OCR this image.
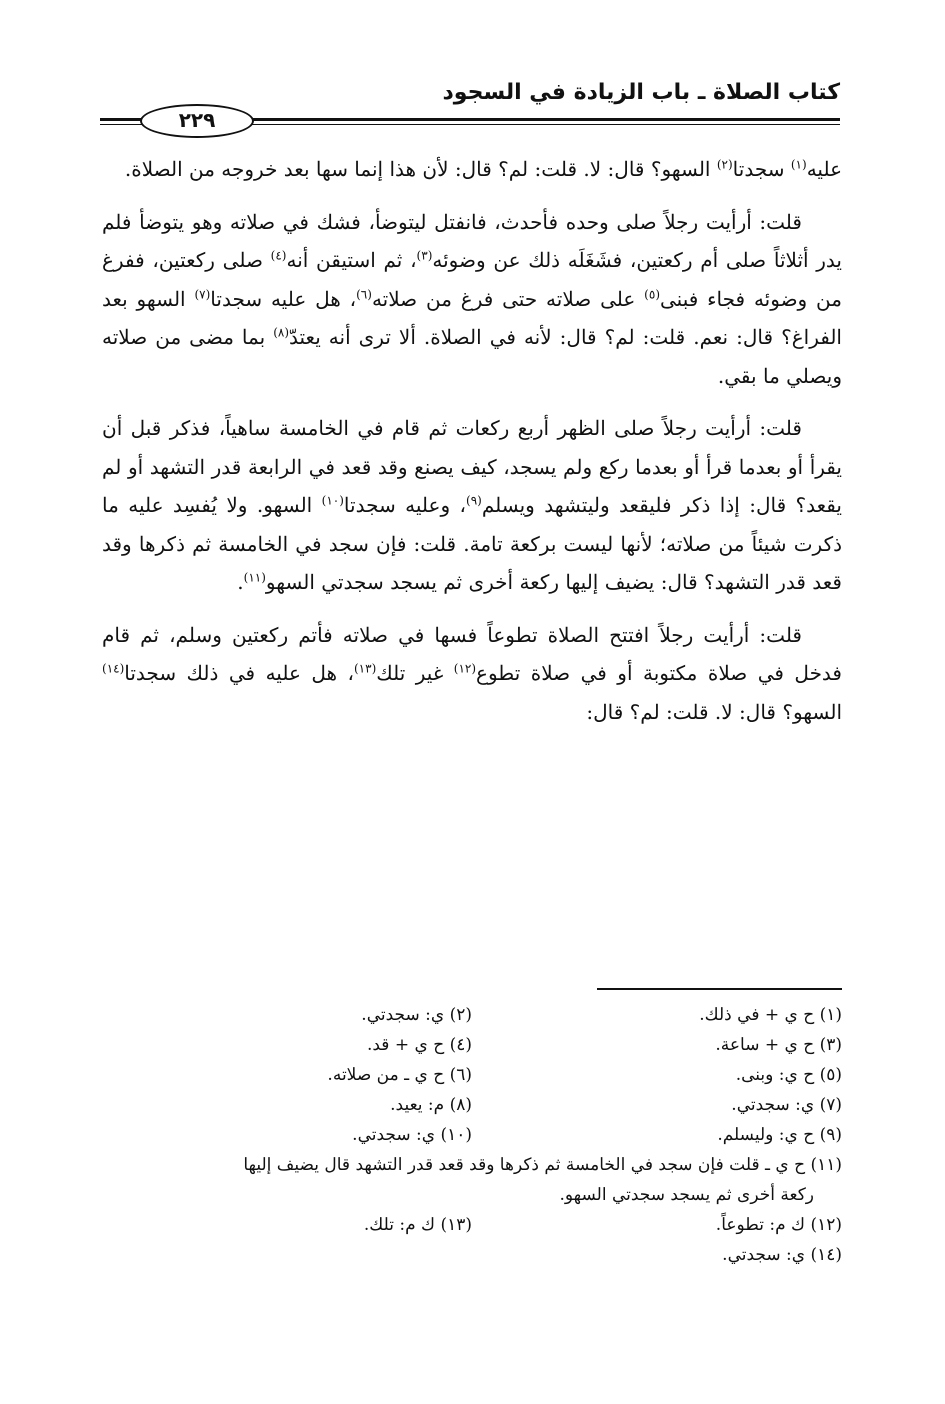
كتاب الصلاة ـ باب الزيادة في السجود
٢٢٩

عليه$^{(١)}$ سجدتا$^{(٢)}$ السهو؟ قال: لا. قلت: لم؟ قال: لأن هذا إنما سها بعد خروجه من الصلاة.

قلت: أرأيت رجلاً صلى وحده فأحدث، فانفتل ليتوضأ، فشك في صلاته وهو يتوضأ فلم يدر أثلاثاً صلى أم ركعتين، فشَغَلَه ذلك عن وضوئه$^{(٣)}$، ثم استيقن أنه$^{(٤)}$ صلى ركعتين، ففرغ من وضوئه فجاء فبنى$^{(٥)}$ على صلاته حتى فرغ من صلاته$^{(٦)}$، هل عليه سجدتا$^{(٧)}$ السهو بعد الفراغ؟ قال: نعم. قلت: لم؟ قال: لأنه في الصلاة. ألا ترى أنه يعتدّ$^{(٨)}$ بما مضى من صلاته ويصلي ما بقي.

قلت: أرأيت رجلاً صلى الظهر أربع ركعات ثم قام في الخامسة ساهياً، فذكر قبل أن يقرأ أو بعدما قرأ أو بعدما ركع ولم يسجد، كيف يصنع وقد قعد في الرابعة قدر التشهد أو لم يقعد؟ قال: إذا ذكر فليقعد وليتشهد ويسلم$^{(٩)}$، وعليه سجدتا$^{(١٠)}$ السهو. ولا يُفسِد عليه ما ذكرت شيئاً من صلاته؛ لأنها ليست بركعة تامة. قلت: فإن سجد في الخامسة ثم ذكرها وقد قعد قدر التشهد؟ قال: يضيف إليها ركعة أخرى ثم يسجد سجدتي السهو$^{(١١)}$.

قلت: أرأيت رجلاً افتتح الصلاة تطوعاً فسها في صلاته فأتم ركعتين وسلم، ثم قام فدخل في صلاة مكتوبة أو في صلاة تطوع$^{(١٢)}$ غير تلك$^{(١٣)}$، هل عليه في ذلك سجدتا$^{(١٤)}$ السهو؟ قال: لا. قلت: لم؟ قال:

(١) ح ي + في ذلك.
(٢) ي: سجدتي.
(٣) ح ي + ساعة.
(٤) ح ي + قد.
(٥) ح ي: وبنى.
(٦) ح ي ـ من صلاته.
(٧) ي: سجدتي.
(٨) م: يعيد.
(٩) ح ي: وليسلم.
(١٠) ي: سجدتي.
(١١) ح ي ـ قلت فإن سجد في الخامسة ثم ذكرها وقد قعد قدر التشهد قال يضيف إليها
ركعة أخرى ثم يسجد سجدتي السهو.
(١٢) ك م: تطوعاً.
(١٣) ك م: تلك.
(١٤) ي: سجدتي.
